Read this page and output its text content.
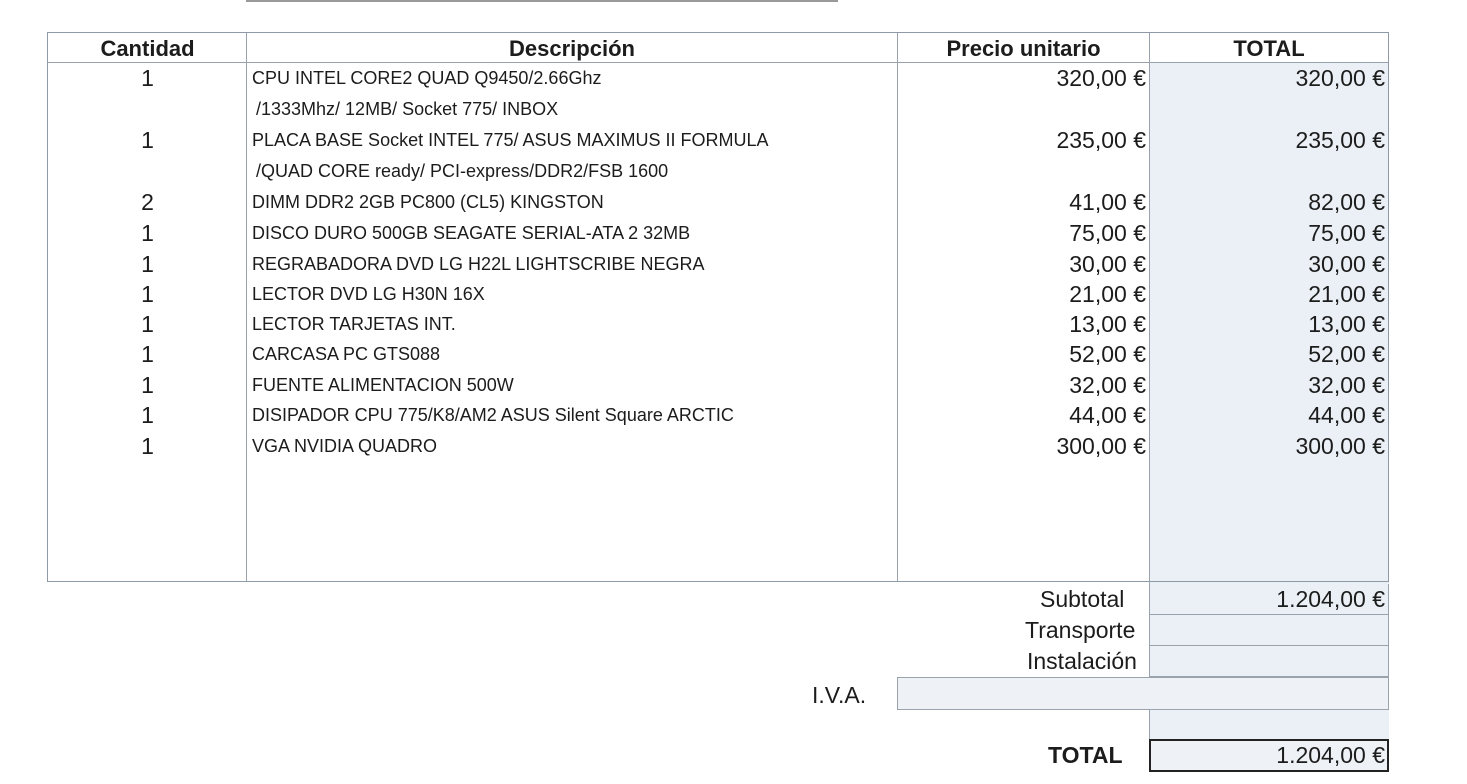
Cantidad	Descripción	Precio unitario	TOTAL
1	CPU INTEL CORE2 QUAD Q9450/2.66Ghz	320,00 €	320,00 €
/1333Mhz/ 12MB/ Socket 775/ INBOX
1	PLACA BASE Socket INTEL 775/ ASUS MAXIMUS II FORMULA	235,00 €	235,00 €
/QUAD CORE ready/ PCI-express/DDR2/FSB 1600
2	DIMM DDR2 2GB PC800 (CL5) KINGSTON	41,00 €	82,00 €
1	DISCO DURO 500GB SEAGATE SERIAL-ATA 2 32MB	75,00 €	75,00 €
1	REGRABADORA DVD LG H22L LIGHTSCRIBE NEGRA	30,00 €	30,00 €
1	LECTOR DVD LG H30N 16X	21,00 €	21,00 €
1	LECTOR TARJETAS INT.	13,00 €	13,00 €
1	CARCASA PC GTS088	52,00 €	52,00 €
1	FUENTE ALIMENTACION 500W	32,00 €	32,00 €
1	DISIPADOR CPU 775/K8/AM2 ASUS Silent Square ARCTIC	44,00 €	44,00 €
1	VGA NVIDIA QUADRO	300,00 €	300,00 €
Subtotal	1.204,00 €
Transporte
Instalación
I.V.A.
TOTAL	1.204,00 €
